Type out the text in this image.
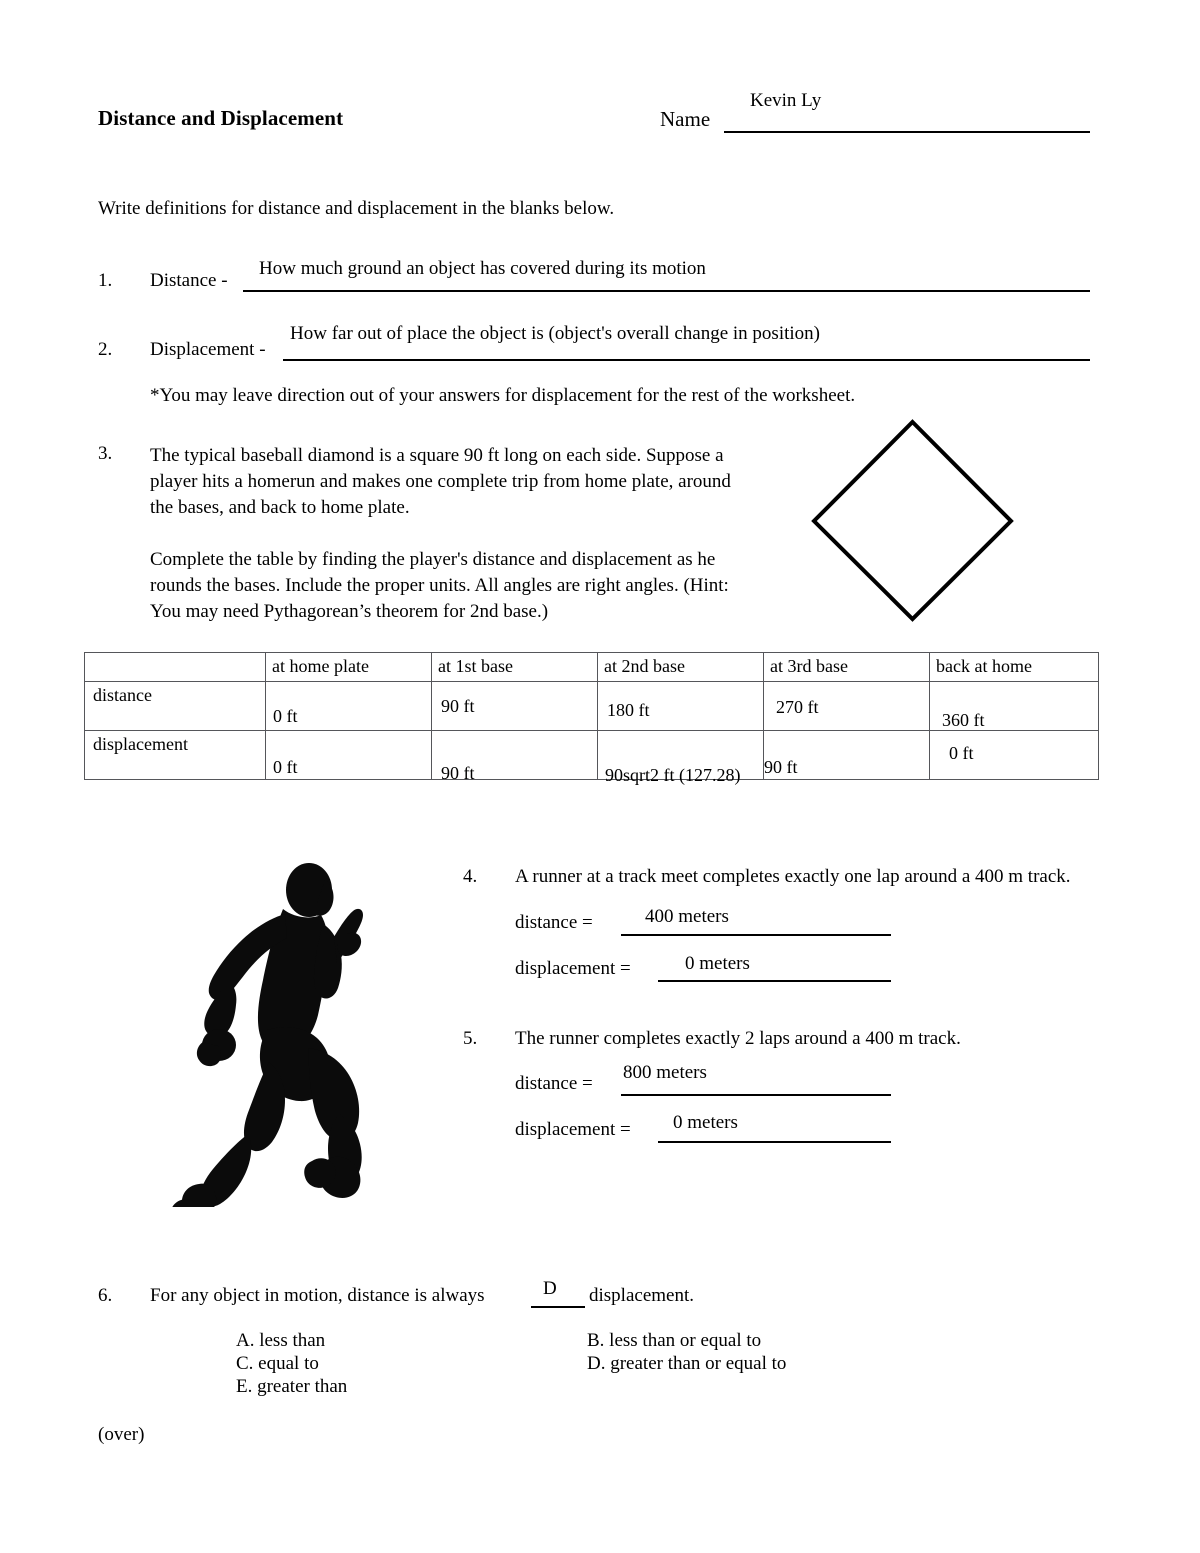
Distance and Displacement	Name
Kevin Ly
Write definitions for distance and displacement in the blanks below.
1. Distance -
How much ground an object has covered during its motion
2. Displacement -
How far out of place the object is (object's overall change in position)
*You may leave direction out of your answers for displacement for the rest of the worksheet.
3. The typical baseball diamond is a square 90 ft long on each side. Suppose a player hits a homerun and makes one complete trip from home plate, around the bases, and back to home plate.

Complete the table by finding the player's distance and displacement as he rounds the bases. Include the proper units. All angles are right angles. (Hint: You may need Pythagorean’s theorem for 2nd base.)

	at home plate	at 1st base	at 2nd base	at 3rd base	back at home

distance	0 ft	90 ft	180 ft	270 ft	360 ft

displacement	0 ft	90 ft	90sqrt2 ft (127.28)	90 ft	0 ft
4. A runner at a track meet completes exactly one lap around a 400 m track.
distance =	400 meters
displacement =	0 meters
5. The runner completes exactly 2 laps around a 400 m track.
distance =
800 meters
displacement = 0 meters
6. For any object in motion, distance is always	D displacement.
A. less than
C. equal to
E. greater than
B. less than or equal to
D. greater than or equal to
(over)
